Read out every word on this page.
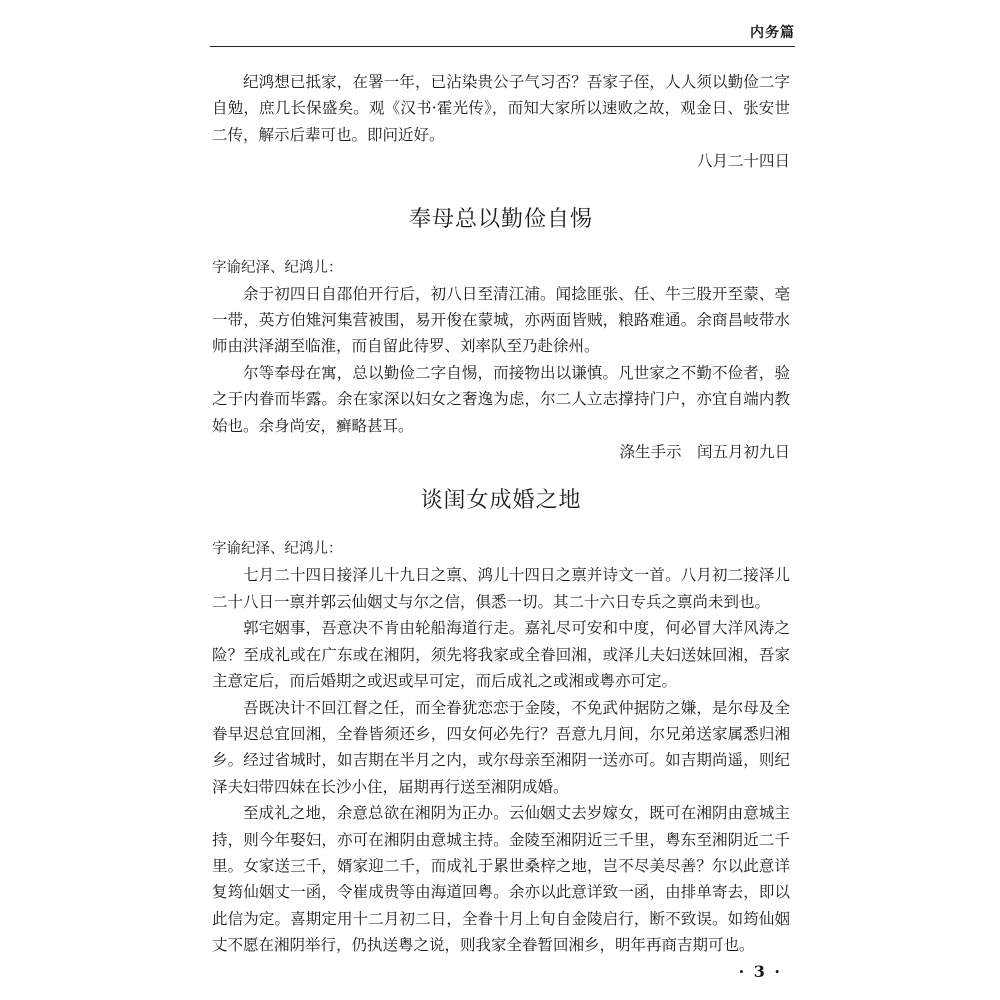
内务篇

纪鸿想已抵家，在署一年，已沾染贵公子气习否？吾家子侄，人人须以勤俭二字自勉，庶几长保盛矣。观《汉书·霍光传》，而知大家所以速败之故，观金日、张安世二传，解示后辈可也。即问近好。

八月二十四日

奉母总以勤俭自惕

字谕纪泽、纪鸿儿：

余于初四日自邵伯开行后，初八日至清江浦。闻捻匪张、任、牛三股开至蒙、亳一带，英方伯雉河集营被围，易开俊在蒙城，亦两面皆贼，粮路难通。余商昌岐带水师由洪泽湖至临淮，而自留此待罗、刘率队至乃赴徐州。

尔等奉母在寓，总以勤俭二字自惕，而接物出以谦慎。凡世家之不勤不俭者，验之于内眷而毕露。余在家深以妇女之奢逸为虑，尔二人立志撑持门户，亦宜自端内教始也。余身尚安，癣略甚耳。

涤生手示　闰五月初九日

谈闺女成婚之地

字谕纪泽、纪鸿儿：

七月二十四日接泽儿十九日之禀、鸿儿十四日之禀并诗文一首。八月初二接泽儿二十八日一禀并郭云仙姻丈与尔之信，俱悉一切。其二十六日专兵之禀尚未到也。

郭宅姻事，吾意决不肯由轮船海道行走。嘉礼尽可安和中度，何必冒大洋风涛之险？至成礼或在广东或在湘阴，须先将我家或全眷回湘，或泽儿夫妇送妹回湘，吾家主意定后，而后婚期之或迟或早可定，而后成礼之或湘或粤亦可定。

吾既决计不回江督之任，而全眷犹恋恋于金陵，不免武仲据防之嫌，是尔母及全眷早迟总宜回湘，全眷皆须还乡，四女何必先行？吾意九月间，尔兄弟送家属悉归湘乡。经过省城时，如吉期在半月之内，或尔母亲至湘阴一送亦可。如吉期尚遥，则纪泽夫妇带四妹在长沙小住，届期再行送至湘阴成婚。

至成礼之地，余意总欲在湘阴为正办。云仙姻丈去岁嫁女，既可在湘阴由意城主持，则今年娶妇，亦可在湘阴由意城主持。金陵至湘阴近三千里，粤东至湘阴近二千里。女家送三千，婿家迎二千，而成礼于累世桑梓之地，岂不尽美尽善？尔以此意详复筠仙姻丈一函，令崔成贵等由海道回粤。余亦以此意详致一函，由排单寄去，即以此信为定。喜期定用十二月初二日，全眷十月上旬自金陵启行，断不致误。如筠仙姻丈不愿在湘阴举行，仍执送粤之说，则我家全眷暂回湘乡，明年再商吉期可也。

· 3 ·
